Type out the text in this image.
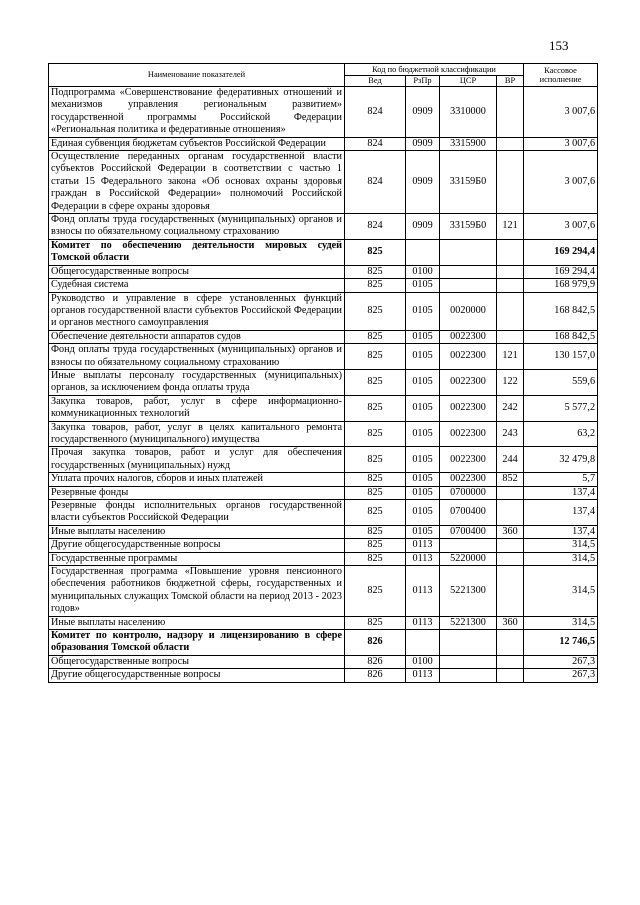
153
Наименование показателей	Код по бюджетной классификации				Кассовое исполнение
	Вед	РзПр	ЦСР	ВР	
Подпрограмма «Совершенствование федеративных отношений и механизмов управления региональным развитием» государственной программы Российской Федерации «Региональная политика и федеративные отношения»	824	0909	3310000		3 007,6
Единая субвенция бюджетам субъектов Российской Федерации	824	0909	3315900		3 007,6
Осуществление переданных органам государственной власти субъектов Российской Федерации в соответствии с частью 1 статьи 15 Федерального закона «Об основах охраны здоровья граждан в Российской Федерации» полномочий Российской Федерации в сфере охраны здоровья	824	0909	33159Б0		3 007,6
Фонд оплаты труда государственных (муниципальных) органов и взносы по обязательному социальному страхованию	824	0909	33159Б0	121	3 007,6
Комитет по обеспечению деятельности мировых судей Томской области	825				169 294,4
Общегосударственные вопросы	825	0100			169 294,4
Судебная система	825	0105			168 979,9
Руководство и управление в сфере установленных функций органов государственной власти субъектов Российской Федерации и органов местного самоуправления	825	0105	0020000		168 842,5
Обеспечение деятельности аппаратов судов	825	0105	0022300		168 842,5
Фонд оплаты труда государственных (муниципальных) органов и взносы по обязательному социальному страхованию	825	0105	0022300	121	130 157,0
Иные выплаты персоналу государственных (муниципальных) органов, за исключением фонда оплаты труда	825	0105	0022300	122	559,6
Закупка товаров, работ, услуг в сфере информационно-коммуникационных технологий	825	0105	0022300	242	5 577,2
Закупка товаров, работ, услуг в целях капитального ремонта государственного (муниципального) имущества	825	0105	0022300	243	63,2
Прочая закупка товаров, работ и услуг для обеспечения государственных (муниципальных) нужд	825	0105	0022300	244	32 479,8
Уплата прочих налогов, сборов и иных платежей	825	0105	0022300	852	5,7
Резервные фонды	825	0105	0700000		137,4
Резервные фонды исполнительных органов государственной власти субъектов Российской Федерации	825	0105	0700400		137,4
Иные выплаты населению	825	0105	0700400	360	137,4
Другие общегосударственные вопросы	825	0113			314,5
Государственные программы	825	0113	5220000		314,5
Государственная программа «Повышение уровня пенсионного обеспечения работников бюджетной сферы, государственных и муниципальных служащих Томской области на период 2013 - 2023 годов»	825	0113	5221300		314,5
Иные выплаты населению	825	0113	5221300	360	314,5
Комитет по контролю, надзору и лицензированию в сфере образования Томской области	826				12 746,5
Общегосударственные вопросы	826	0100			267,3
Другие общегосударственные вопросы	826	0113			267,3
